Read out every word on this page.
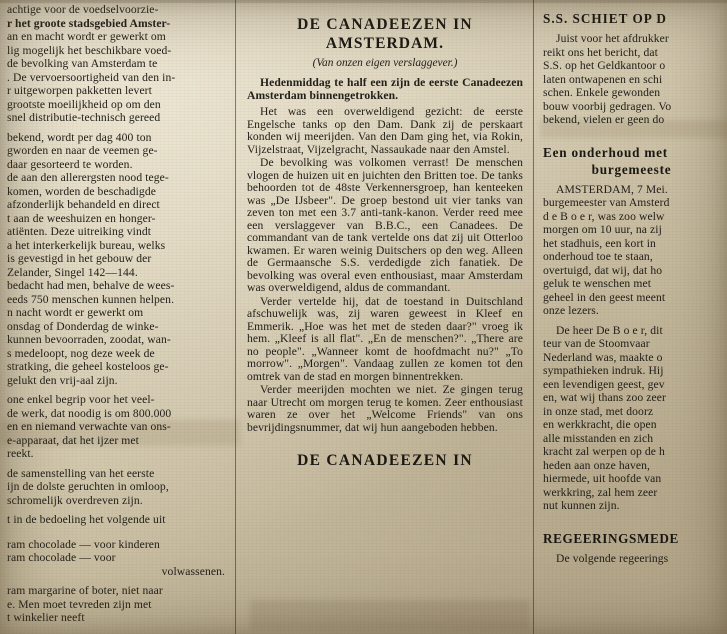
achtige voor de voedselvoorzie-

r het groote stadsgebied Amster-

an en macht wordt er gewerkt om

lig mogelijk het beschikbare voed-

de bevolking van Amsterdam te

. De vervoersoortigheid van den in-

r uitgeworpen pakketten levert

grootste moeilijkheid op om den

snel distributie-technisch gereed

bekend, wordt per dag 400 ton

gworden en naar de veemen ge-

daar gesorteerd te worden.

de aan den allerergsten nood tege-

komen, worden de beschadigde

afzonderlijk behandeld en direct

t aan de weeshuizen en honger-

atiënten. Deze uitreiking vindt

a het interkerkelijk bureau, welks

is gevestigd in het gebouw der

Zelander, Singel 142—144.

bedacht had men, behalve de wees-

eeds 750 menschen kunnen helpen.

n nacht wordt er gewerkt om

onsdag of Donderdag de winke-

kunnen bevoorraden, zoodat, wan-

s medeloopt, nog deze week de

stratking, die geheel kosteloos ge-

gelukt den vrij-aal zijn.

one enkel begrip voor het veel-

de werk, dat noodig is om 800.000

en en niemand verwachte van ons-

e-apparaat, dat het ijzer met

reekt.

de samenstelling van het eerste

ijn de dolste geruchten in omloop,

schromelijk overdreven zijn.

t in de bedoeling het volgende uit

ram chocolade — voor kinderen

ram chocolade — voor

volwassenen.

ram margarine of boter, niet naar

e. Men moet tevreden zijn met

t winkelier neeft

DE CANADEEZEN IN
AMSTERDAM.
(Van onzen eigen verslaggever.)

Hedenmiddag te half een zijn de eerste Canadeezen Amsterdam binnengetrokken.

Het was een overweldigend gezicht: de eerste Engelsche tanks op den Dam. Dank zij de perskaart konden wij meerijden. Van den Dam ging het, via Rokin, Vijzelstraat, Vijzelgracht, Nassaukade naar den Amstel.

De bevolking was volkomen verrast! De menschen vlogen de huizen uit en juichten den Britten toe. De tanks behoorden tot de 48ste Verkennersgroep, han kenteeken was „De IJsbeer". De groep bestond uit vier tanks van zeven ton met een 3.7 anti-tank-kanon. Verder reed mee een verslaggever van B.B.C., een Canadees. De commandant van de tank vertelde ons dat zij uit Otterloo kwamen. Er waren weinig Duitschers op den weg. Alleen de Germaansche S.S. verdedigde zich fanatiek. De bevolking was overal even enthousiast, maar Amsterdam was overweldigend, aldus de commandant.

Verder vertelde hij, dat de toestand in Duitschland afschuwelijk was, zij waren geweest in Kleef en Emmerik. „Hoe was het met de steden daar?" vroeg ik hem. „Kleef is all flat". „En de menschen?". „There are no people". „Wanneer komt de hoofdmacht nu?" „To morrow". „Morgen". Vandaag zullen ze komen tot den omtrek van de stad en morgen binnentrekken.

Verder meerijden mochten we niet. Ze gingen terug naar Utrecht om morgen terug te komen. Zeer enthousiast waren ze over het „Welcome Friends" van ons bevrijdingsnummer, dat wij hun aangeboden hebben.

DE CANADEEZEN IN
S.S. SCHIET OP D

Juist voor het afdrukker

reikt ons het bericht, dat

S.S. op het Geldkantoor o

laten ontwapenen en schi

schen. Enkele gewonden

bouw voorbij gedragen. Vo

bekend, vielen er geen do

Een onderhoud met
burgemeeste

AMSTERDAM, 7 Mei.

burgemeester van Amsterd

d e B o e r, was zoo welw

morgen om 10 uur, na zij

het stadhuis, een kort in

onderhoud toe te staan,

overtuigd, dat wij, dat ho

geluk te wenschen met

geheel in den geest meent

onze lezers.

De heer De B o e r, dit

teur van de Stoomvaar

Nederland was, maakte o

sympathieken indruk. Hij

een levendigen geest, gev

en, wat wij thans zoo zeer

in onze stad, met doorz

en werkkracht, die open

alle misstanden en zich

kracht zal werpen op de h

heden aan onze haven,

hiermede, uit hoofde van

werkkring, zal hem zeer

nut kunnen zijn.

REGEERINGSMEDE

De volgende regeerings
